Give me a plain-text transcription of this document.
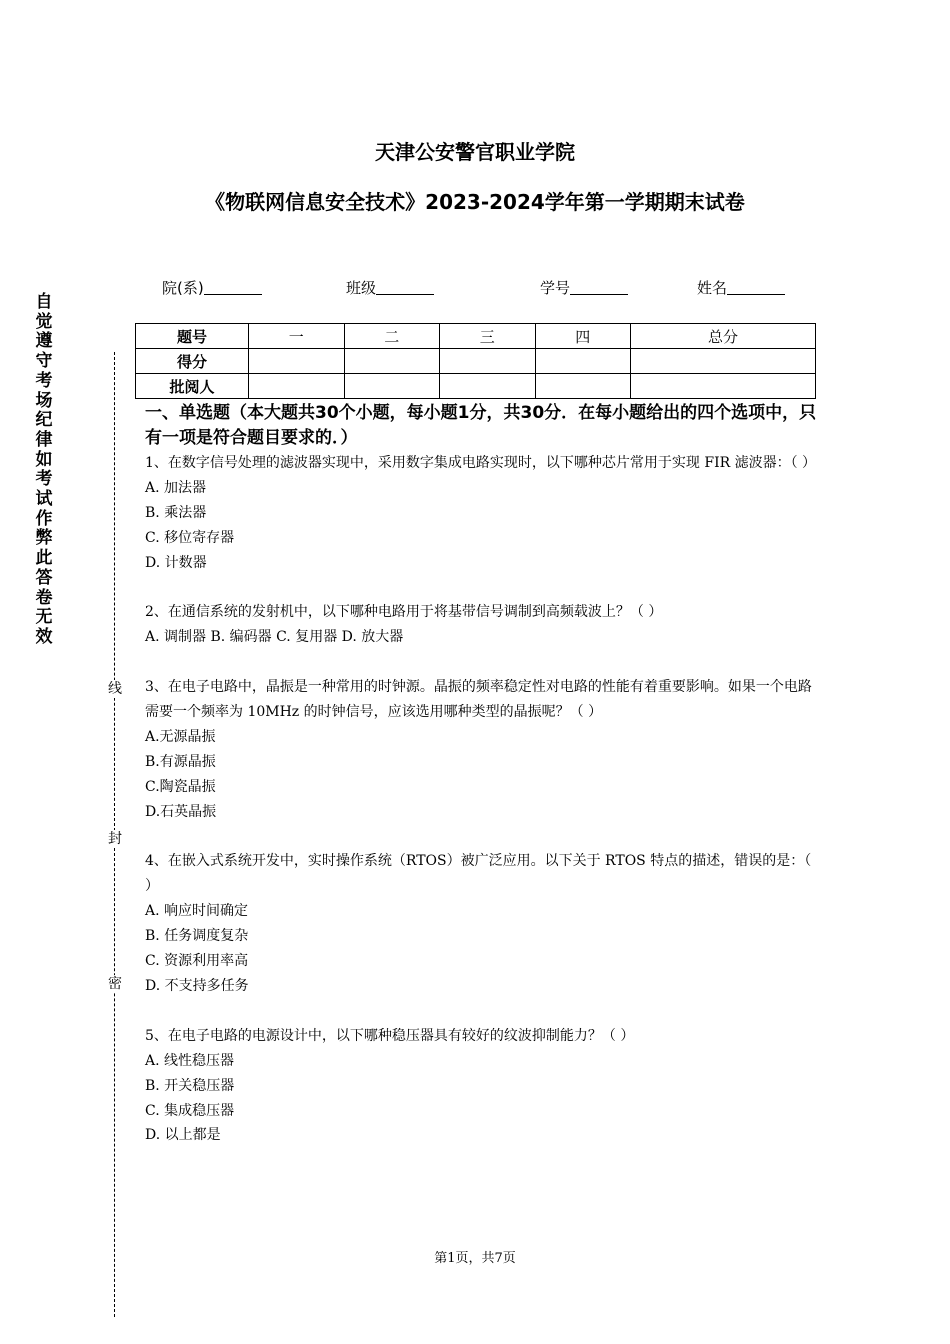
自觉遵守考场纪律如考试作弊此答卷无效
线
封
密
天津公安警官职业学院
《物联网信息安全技术》2023-2024学年第一学期期末试卷
院(系)	班级	学号	姓名
题号	一	二	三	四	总分
得分					
批阅人					
一、单选题（本大题共30个小题，每小题1分，共30分．在每小题给出的四个选项中，只有一项是符合题目要求的．）

1、在数字信号处理的滤波器实现中，采用数字集成电路实现时，以下哪种芯片常用于实现 FIR 滤波器：（ ）

A. 加法器

B. 乘法器

C. 移位寄存器

D. 计数器

2、在通信系统的发射机中，以下哪种电路用于将基带信号调制到高频载波上？（ ）

A. 调制器 B. 编码器 C. 复用器 D. 放大器

3、在电子电路中，晶振是一种常用的时钟源。晶振的频率稳定性对电路的性能有着重要影响。如果一个电路需要一个频率为 10MHz 的时钟信号，应该选用哪种类型的晶振呢？（ ）

A.无源晶振

B.有源晶振

C.陶瓷晶振

D.石英晶振

4、在嵌入式系统开发中，实时操作系统（RTOS）被广泛应用。以下关于 RTOS 特点的描述，错误的是：（ ）

A. 响应时间确定

B. 任务调度复杂

C. 资源利用率高

D. 不支持多任务

5、在电子电路的电源设计中，以下哪种稳压器具有较好的纹波抑制能力？（ ）

A. 线性稳压器

B. 开关稳压器

C. 集成稳压器

D. 以上都是

第1页，共7页
